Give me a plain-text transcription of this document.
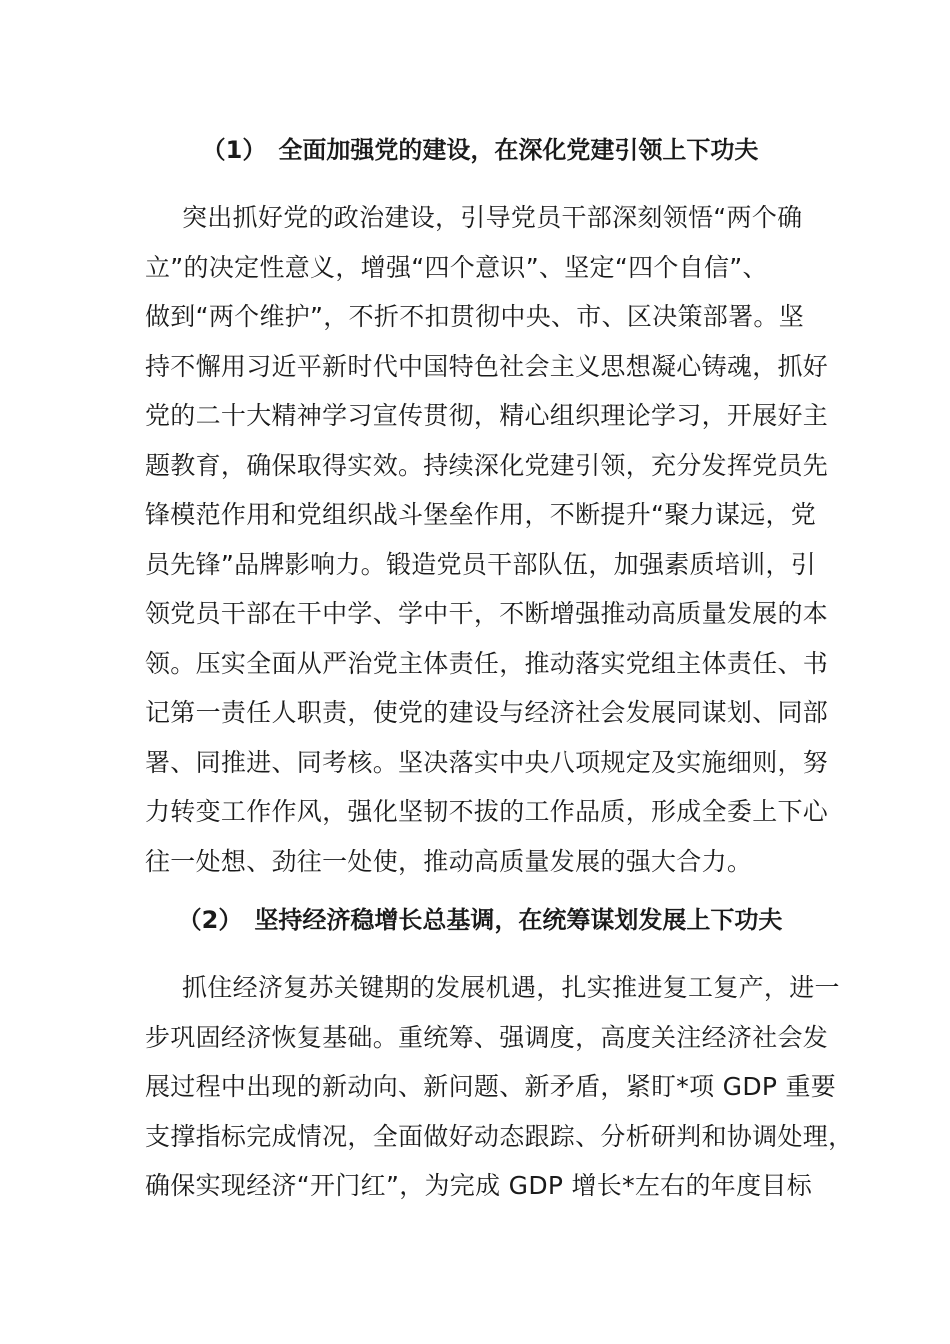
（1） 全面加强党的建设，在深化党建引领上下功夫
突出抓好党的政治建设，引导党员干部深刻领悟“两个确
立”的决定性意义，增强“四个意识”、坚定“四个自信”、
做到“两个维护”，不折不扣贯彻中央、市、区决策部署。坚
持不懈用习近平新时代中国特色社会主义思想凝心铸魂，抓好
党的二十大精神学习宣传贯彻，精心组织理论学习，开展好主
题教育，确保取得实效。持续深化党建引领，充分发挥党员先
锋模范作用和党组织战斗堡垒作用，不断提升“聚力谋远，党
员先锋”品牌影响力。锻造党员干部队伍，加强素质培训，引
领党员干部在干中学、学中干，不断增强推动高质量发展的本
领。压实全面从严治党主体责任，推动落实党组主体责任、书
记第一责任人职责，使党的建设与经济社会发展同谋划、同部
署、同推进、同考核。坚决落实中央八项规定及实施细则，努
力转变工作作风，强化坚韧不拔的工作品质，形成全委上下心
往一处想、劲往一处使，推动高质量发展的强大合力。
（2） 坚持经济稳增长总基调，在统筹谋划发展上下功夫
抓住经济复苏关键期的发展机遇，扎实推进复工复产，进一
步巩固经济恢复基础。重统筹、强调度，高度关注经济社会发
展过程中出现的新动向、新问题、新矛盾，紧盯*项 GDP 重要
支撑指标完成情况，全面做好动态跟踪、分析研判和协调处理，
确保实现经济“开门红”，为完成 GDP 增长*左右的年度目标
